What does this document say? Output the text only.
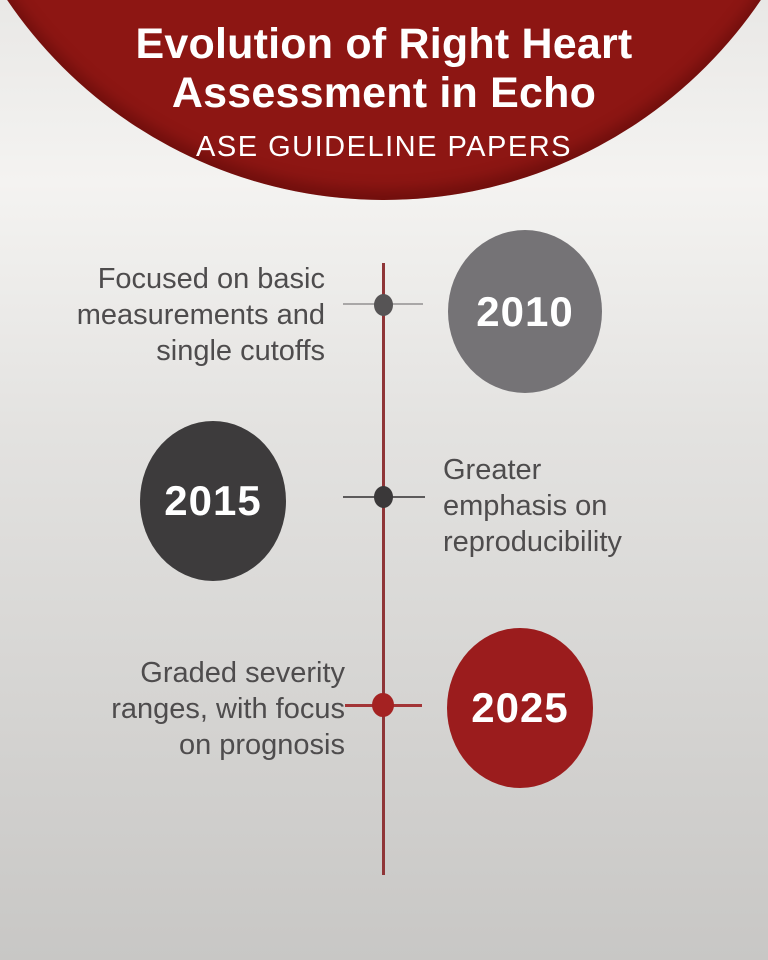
Evolution of Right Heart
Assessment in Echo
ASE GUIDELINE PAPERS
Focused on basic
measurements and
single cutoffs
2010
2015
Greater
emphasis on
reproducibility
Graded severity
ranges, with focus
on prognosis
2025
